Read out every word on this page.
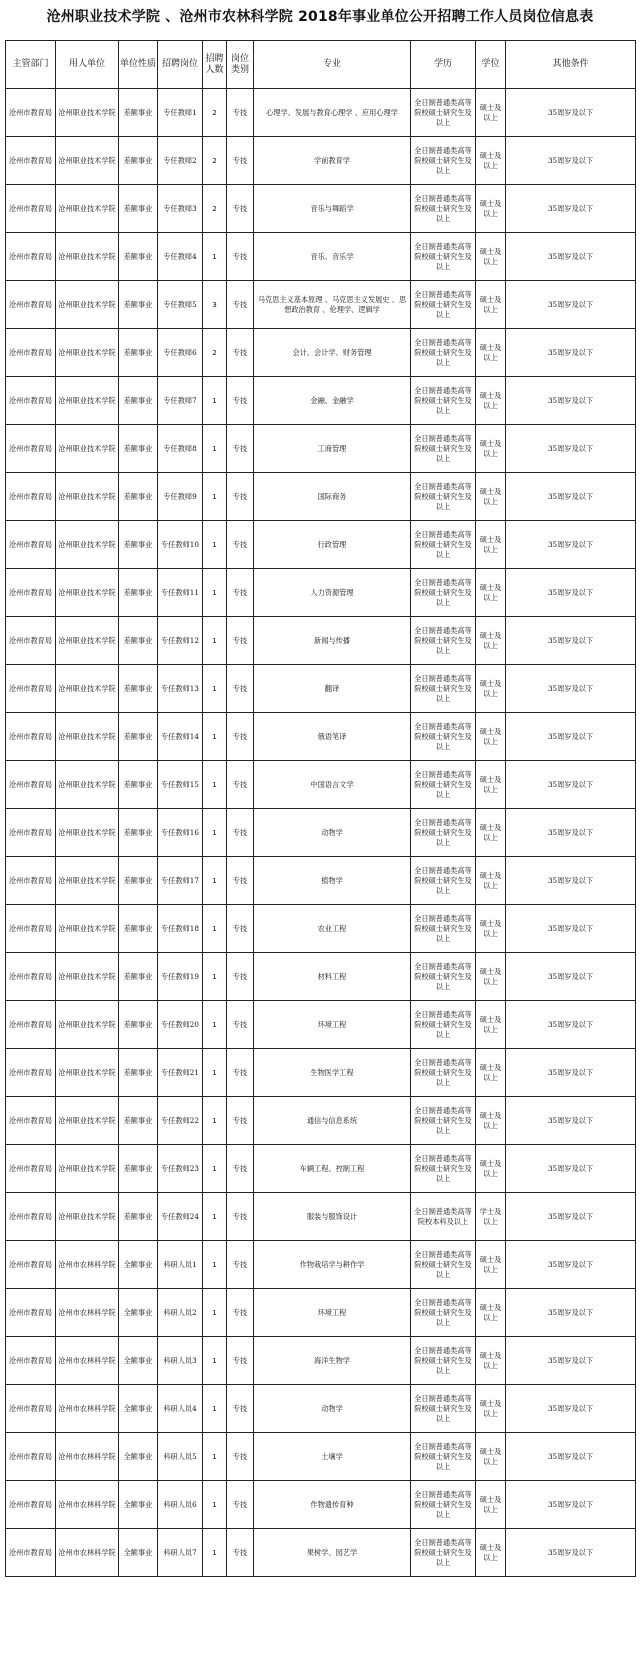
沧州职业技术学院 、沧州市农林科学院 2018年事业单位公开招聘工作人员岗位信息表
主管部门	用人单位	单位性质	招聘岗位	招聘人数	岗位类别	专业	学历	学位	其他条件
沧州市教育局	沧州职业技术学院	差额事业	专任教师1	2	专技	心理学、发展与教育心理学 、应用心理学	全日制普通类高等院校硕士研究生及以上	硕士及以上	35周岁及以下
沧州市教育局	沧州职业技术学院	差额事业	专任教师2	2	专技	学前教育学	全日制普通类高等院校硕士研究生及以上	硕士及以上	35周岁及以下
沧州市教育局	沧州职业技术学院	差额事业	专任教师3	2	专技	音乐与舞蹈学	全日制普通类高等院校硕士研究生及以上	硕士及以上	35周岁及以下
沧州市教育局	沧州职业技术学院	差额事业	专任教师4	1	专技	音乐、音乐学	全日制普通类高等院校硕士研究生及以上	硕士及以上	35周岁及以下
沧州市教育局	沧州职业技术学院	差额事业	专任教师5	3	专技	马克思主义基本原理 、马克思主义发展史 、思想政治教育 、伦理学、逻辑学	全日制普通类高等院校硕士研究生及以上	硕士及以上	35周岁及以下
沧州市教育局	沧州职业技术学院	差额事业	专任教师6	2	专技	会计、会计学、财务管理	全日制普通类高等院校硕士研究生及以上	硕士及以上	35周岁及以下
沧州市教育局	沧州职业技术学院	差额事业	专任教师7	1	专技	金融、金融学	全日制普通类高等院校硕士研究生及以上	硕士及以上	35周岁及以下
沧州市教育局	沧州职业技术学院	差额事业	专任教师8	1	专技	工商管理	全日制普通类高等院校硕士研究生及以上	硕士及以上	35周岁及以下
沧州市教育局	沧州职业技术学院	差额事业	专任教师9	1	专技	国际商务	全日制普通类高等院校硕士研究生及以上	硕士及以上	35周岁及以下
沧州市教育局	沧州职业技术学院	差额事业	专任教师10	1	专技	行政管理	全日制普通类高等院校硕士研究生及以上	硕士及以上	35周岁及以下
沧州市教育局	沧州职业技术学院	差额事业	专任教师11	1	专技	人力资源管理	全日制普通类高等院校硕士研究生及以上	硕士及以上	35周岁及以下
沧州市教育局	沧州职业技术学院	差额事业	专任教师12	1	专技	新闻与传播	全日制普通类高等院校硕士研究生及以上	硕士及以上	35周岁及以下
沧州市教育局	沧州职业技术学院	差额事业	专任教师13	1	专技	翻译	全日制普通类高等院校硕士研究生及以上	硕士及以上	35周岁及以下
沧州市教育局	沧州职业技术学院	差额事业	专任教师14	1	专技	俄语笔译	全日制普通类高等院校硕士研究生及以上	硕士及以上	35周岁及以下
沧州市教育局	沧州职业技术学院	差额事业	专任教师15	1	专技	中国语言文学	全日制普通类高等院校硕士研究生及以上	硕士及以上	35周岁及以下
沧州市教育局	沧州职业技术学院	差额事业	专任教师16	1	专技	动物学	全日制普通类高等院校硕士研究生及以上	硕士及以上	35周岁及以下
沧州市教育局	沧州职业技术学院	差额事业	专任教师17	1	专技	植物学	全日制普通类高等院校硕士研究生及以上	硕士及以上	35周岁及以下
沧州市教育局	沧州职业技术学院	差额事业	专任教师18	1	专技	农业工程	全日制普通类高等院校硕士研究生及以上	硕士及以上	35周岁及以下
沧州市教育局	沧州职业技术学院	差额事业	专任教师19	1	专技	材料工程	全日制普通类高等院校硕士研究生及以上	硕士及以上	35周岁及以下
沧州市教育局	沧州职业技术学院	差额事业	专任教师20	1	专技	环境工程	全日制普通类高等院校硕士研究生及以上	硕士及以上	35周岁及以下
沧州市教育局	沧州职业技术学院	差额事业	专任教师21	1	专技	生物医学工程	全日制普通类高等院校硕士研究生及以上	硕士及以上	35周岁及以下
沧州市教育局	沧州职业技术学院	差额事业	专任教师22	1	专技	通信与信息系统	全日制普通类高等院校硕士研究生及以上	硕士及以上	35周岁及以下
沧州市教育局	沧州职业技术学院	差额事业	专任教师23	1	专技	车辆工程、控制工程	全日制普通类高等院校硕士研究生及以上	硕士及以上	35周岁及以下
沧州市教育局	沧州职业技术学院	差额事业	专任教师24	1	专技	服装与服饰设计	全日制普通类高等院校本科及以上	学士及以上	35周岁及以下
沧州市教育局	沧州市农林科学院	全额事业	科研人员1	1	专技	作物栽培学与耕作学	全日制普通类高等院校硕士研究生及以上	硕士及以上	35周岁及以下
沧州市教育局	沧州市农林科学院	全额事业	科研人员2	1	专技	环境工程	全日制普通类高等院校硕士研究生及以上	硕士及以上	35周岁及以下
沧州市教育局	沧州市农林科学院	全额事业	科研人员3	1	专技	海洋生物学	全日制普通类高等院校硕士研究生及以上	硕士及以上	35周岁及以下
沧州市教育局	沧州市农林科学院	全额事业	科研人员4	1	专技	动物学	全日制普通类高等院校硕士研究生及以上	硕士及以上	35周岁及以下
沧州市教育局	沧州市农林科学院	全额事业	科研人员5	1	专技	土壤学	全日制普通类高等院校硕士研究生及以上	硕士及以上	35周岁及以下
沧州市教育局	沧州市农林科学院	全额事业	科研人员6	1	专技	作物遗传育种	全日制普通类高等院校硕士研究生及以上	硕士及以上	35周岁及以下
沧州市教育局	沧州市农林科学院	全额事业	科研人员7	1	专技	果树学、园艺学	全日制普通类高等院校硕士研究生及以上	硕士及以上	35周岁及以下
